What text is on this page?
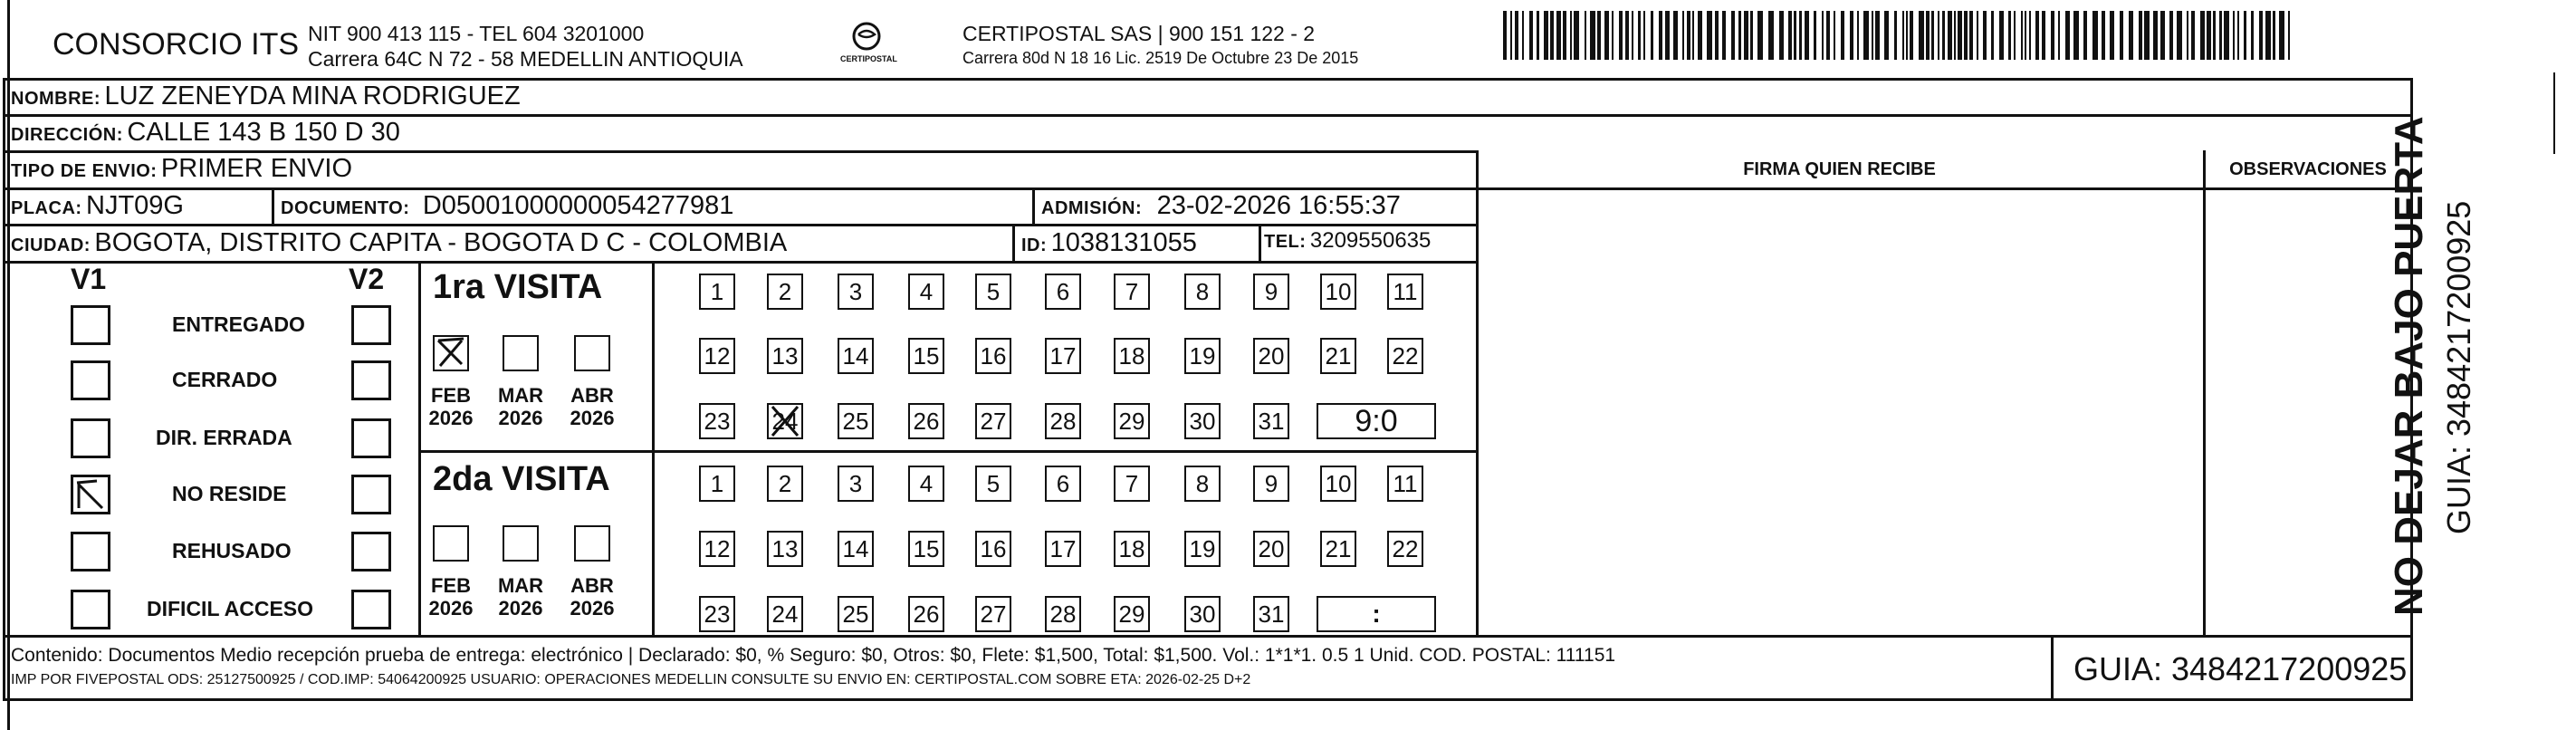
CONSORCIO ITS NIT 900 413 115 - TEL 604 3201000
Carrera 64C N 72 - 58 MEDELLIN ANTIOQUIA	CERTIPOSTAL
CERTIPOSTAL SAS | 900 151 122 - 2
Carrera 80d N 18 16 Lic. 2519 De Octubre 23 De 2015
NOMBRE: LUZ ZENEYDA MINA RODRIGUEZ
DIRECCIÓN: CALLE 143 B 150 D 30
TIPO DE ENVIO: PRIMER ENVIO	FIRMA QUIEN RECIBE	OBSERVACIONES
PLACA: NJT09G	DOCUMENTO: D05001000000054277981	ADMISIÓN: 23-02-2026 16:55:37
CIUDAD: BOGOTA, DISTRITO CAPITA - BOGOTA D C - COLOMBIA	ID: 1038131055	TEL: 3209550635
V1	V2
ENTREGADO
CERRADO
DIR. ERRADA
NO RESIDE
REHUSADO
DIFICIL ACCESO
1ra VISITA
2da VISITA
FEB
2026
MAR
2026
ABR
2026
FEB
2026
MAR
2026
ABR
2026
1	2	3	4	5	6	7	8	9	10 11
12 13 14 15 16 17 18 19 20 21 22
23 24 25 26 27 28 29 30 31	9:0
1	2	3	4	5	6	7	8	9	10 11
12 13 14 15 16 17 18 19 20 21 22
23 24 25 26 27 28 29 30 31	:
Contenido: Documentos Medio recepción prueba de entrega: electrónico | Declarado: $0, % Seguro: $0, Otros: $0, Flete: $1,500, Total: $1,500. Vol.: 1*1*1. 0.5 1 Unid. COD. POSTAL: 111151
IMP POR FIVEPOSTAL ODS: 25127500925 / COD.IMP: 54064200925 USUARIO: OPERACIONES MEDELLIN CONSULTE SU ENVIO EN: CERTIPOSTAL.COM SOBRE ETA: 2026-02-25 D+2	GUIA: 3484217200925
NO DEJAR BAJO PUERTA GUIA: 3484217200925
